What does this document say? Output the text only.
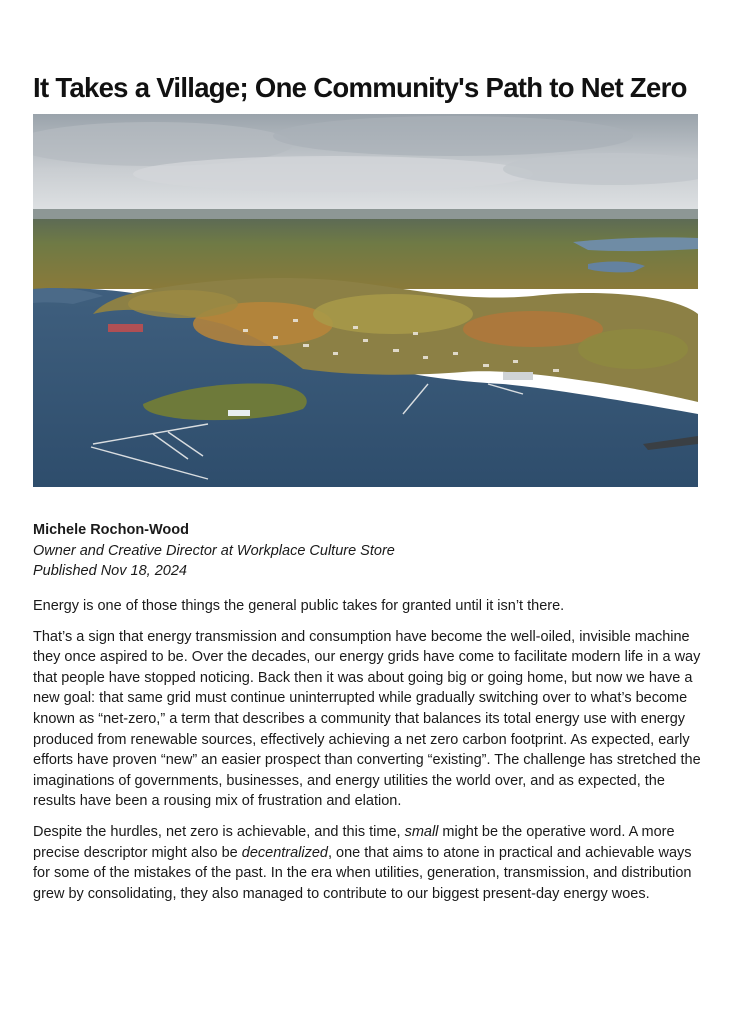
It Takes a Village; One Community's Path to Net Zero
Michele Rochon-Wood
Owner and Creative Director at Workplace Culture Store
Published Nov 18, 2024

Energy is one of those things the general public takes for granted until it isn’t there.

That’s a sign that energy transmission and consumption have become the well-oiled, invisible machine they once aspired to be. Over the decades, our energy grids have come to facilitate modern life in a way that people have stopped noticing. Back then it was about going big or going home, but now we have a new goal: that same grid must continue uninterrupted while gradually switching over to what’s become known as “net-zero,” a term that describes a community that balances its total energy use with energy produced from renewable sources, effectively achieving a net zero carbon footprint. As expected, early efforts have proven “new” an easier prospect than converting “existing”. The challenge has stretched the imaginations of governments, businesses, and energy utilities the world over, and as expected, the results have been a rousing mix of frustration and elation.

Despite the hurdles, net zero is achievable, and this time, small might be the operative word. A more precise descriptor might also be decentralized, one that aims to atone in practical and achievable ways for some of the mistakes of the past. In the era when utilities, generation, transmission, and distribution grew by consolidating, they also managed to contribute to our biggest present-day energy woes.
